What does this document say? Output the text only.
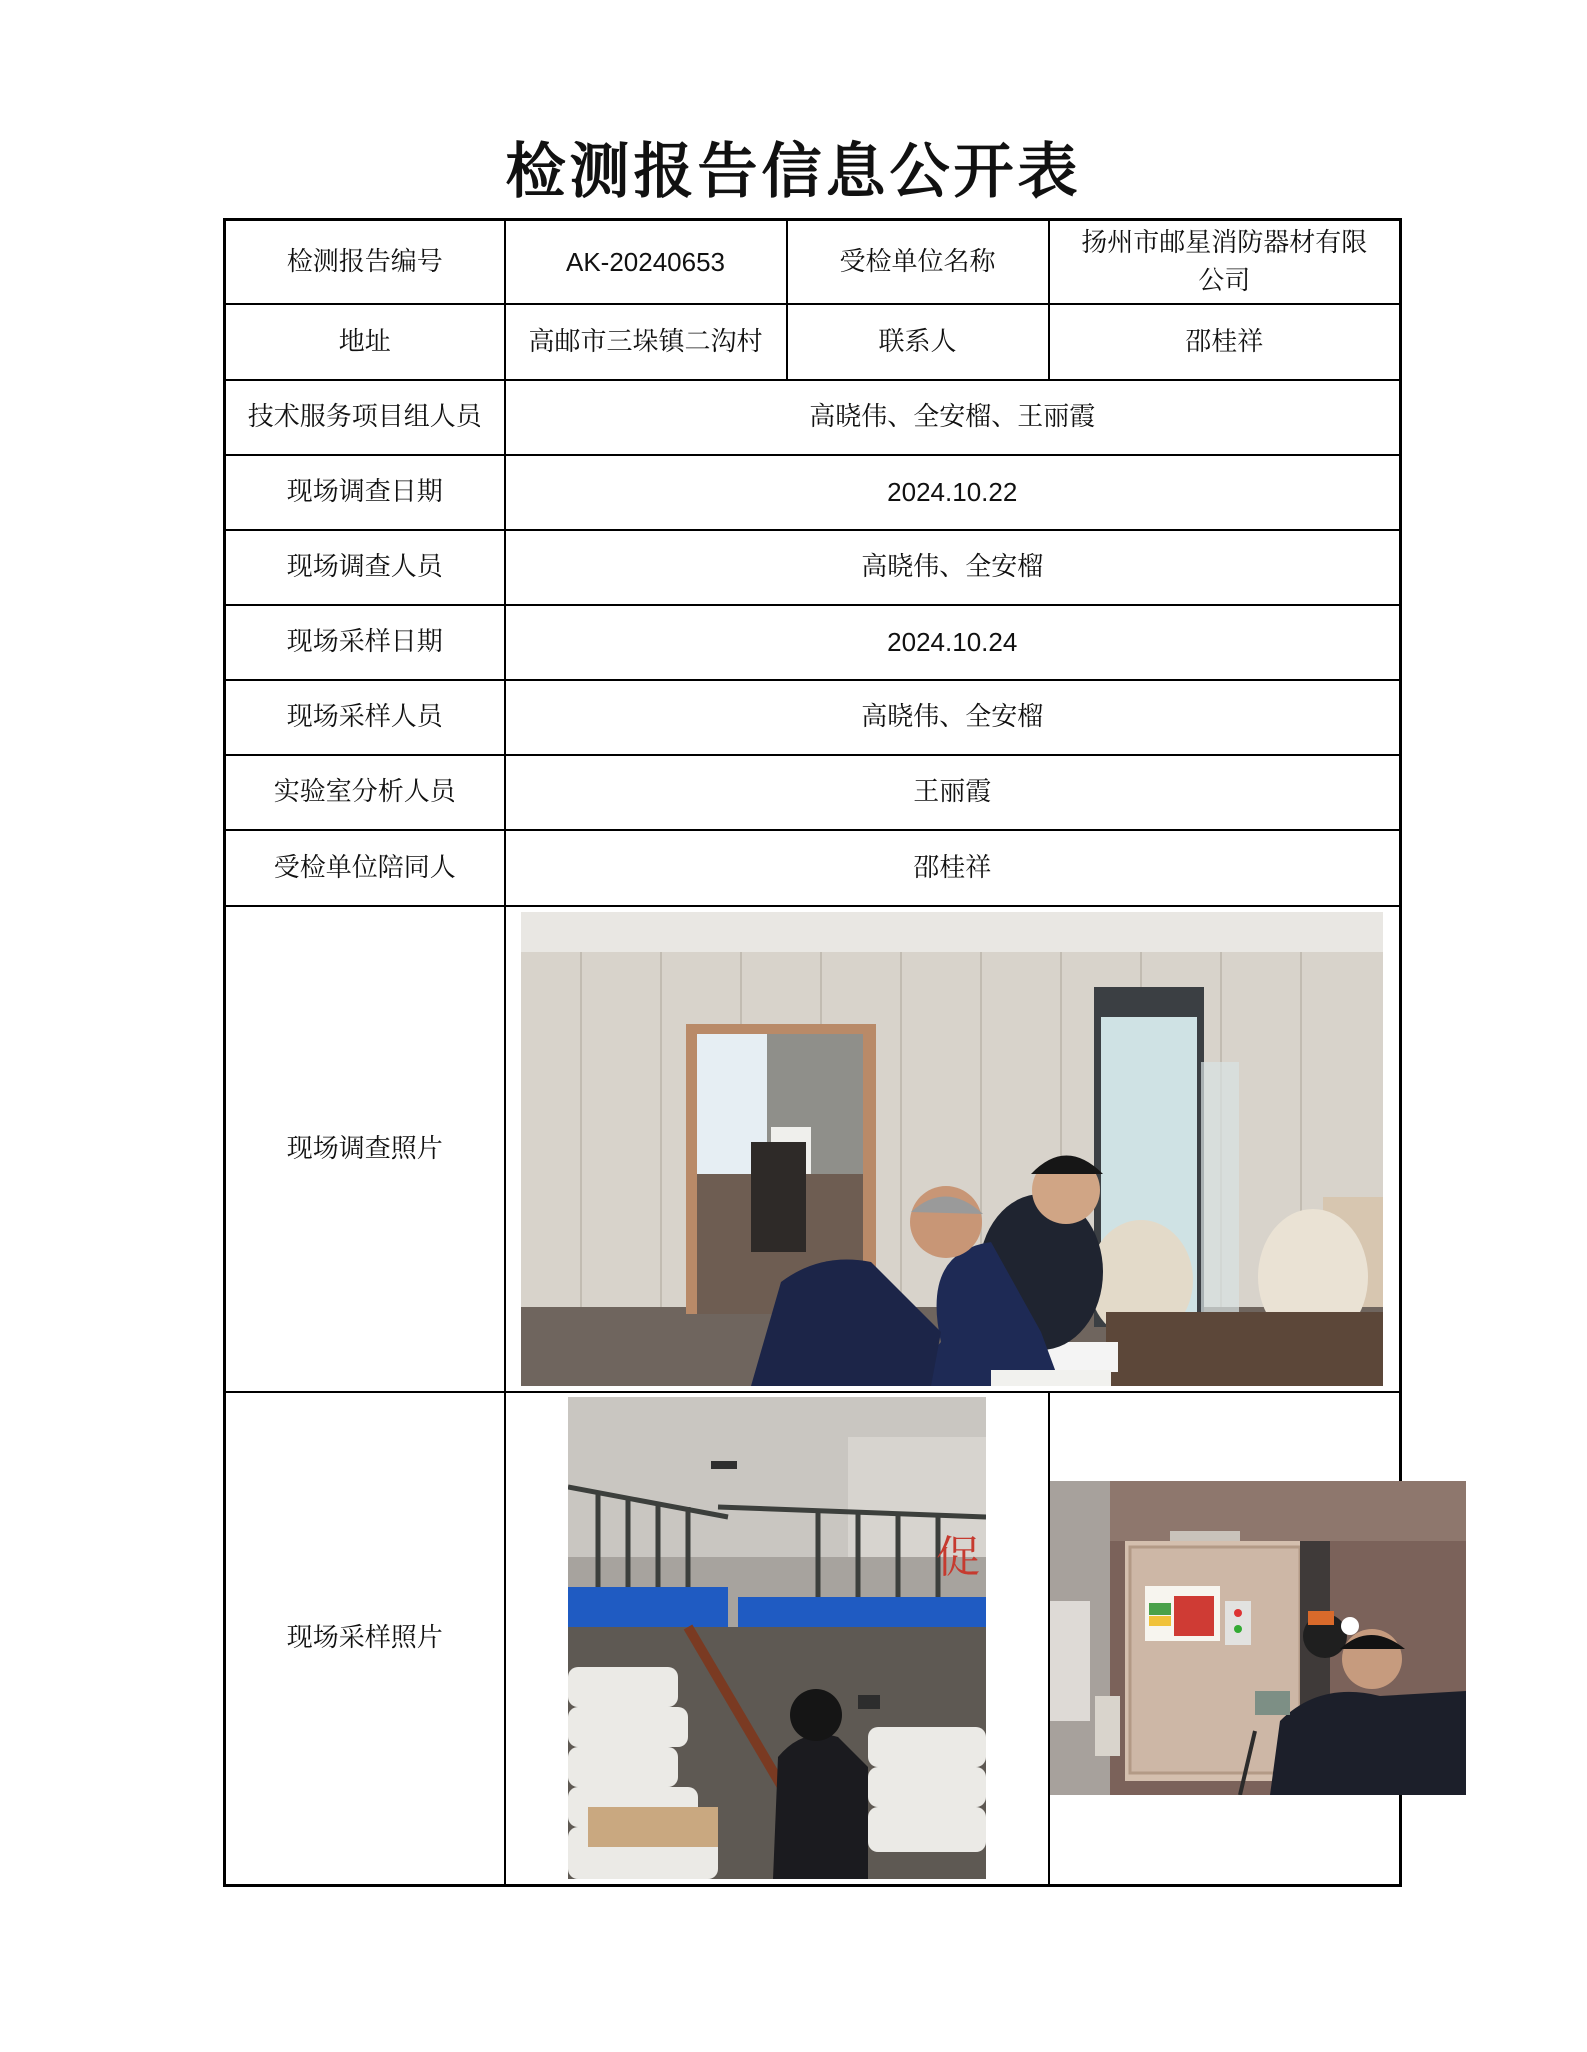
检测报告信息公开表
检测报告编号	AK-20240653	受检单位名称	扬州市邮星消防器材有限公司
地址	高邮市三垛镇二沟村	联系人	邵桂祥
技术服务项目组人员	高晓伟、全安榴、王丽霞		
现场调查日期	2024.10.22		
现场调查人员	高晓伟、全安榴		
现场采样日期	2024.10.24		
现场采样人员	高晓伟、全安榴		
实验室分析人员	王丽霞		
受检单位陪同人	邵桂祥		
现场调查照片	

现场采样照片	促
